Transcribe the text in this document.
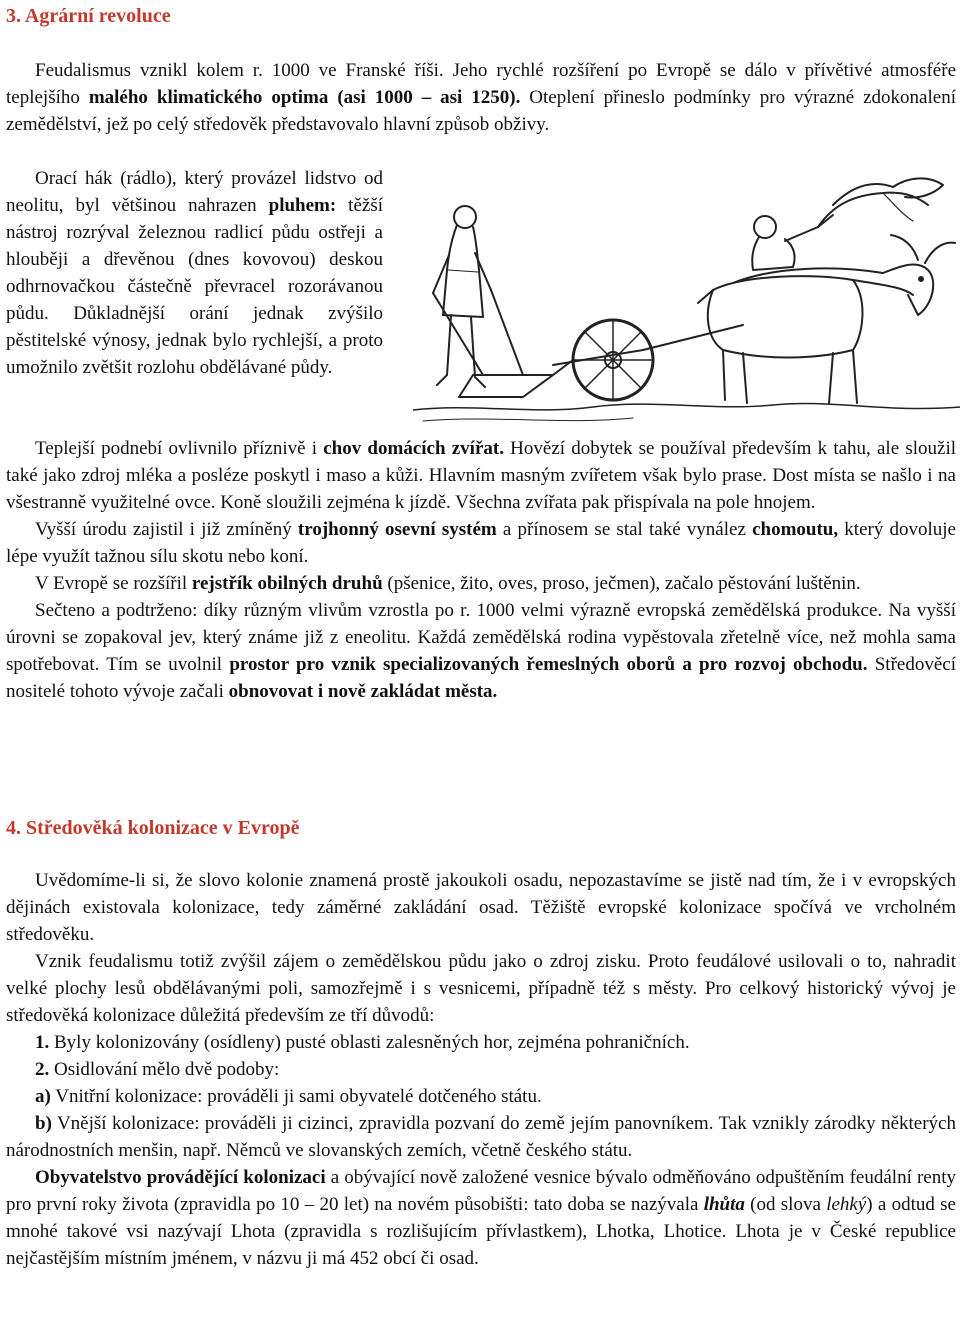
3. Agrární revoluce

Feudalismus vznikl kolem r. 1000 ve Franské říši. Jeho rychlé rozšíření po Evropě se dálo v přívětivé atmosféře teplejšího malého klimatického optima (asi 1000 – asi 1250). Oteplení přineslo podmínky pro výrazné zdokonalení zemědělství, jež po celý středověk představovalo hlavní způsob obživy.

Orací hák (rádlo), který provázel lidstvo od neolitu, byl většinou nahrazen pluhem: těžší nástroj rozrýval železnou radlicí půdu ostřeji a hlouběji a dřevěnou (dnes kovovou) deskou odhrnovačkou částečně převracel rozorávanou půdu. Důkladnější orání jednak zvýšilo pěstitelské výnosy, jednak bylo rychlejší, a proto umožnilo zvětšit rozlohu obdělávané půdy.

Teplejší podnebí ovlivnilo příznivě i chov domácích zvířat. Hovězí dobytek se používal především k tahu, ale sloužil také jako zdroj mléka a posléze poskytl i maso a kůži. Hlavním masným zvířetem však bylo prase. Dost místa se našlo i na všestranně využitelné ovce. Koně sloužili zejména k jízdě. Všechna zvířata pak přispívala na pole hnojem.

Vyšší úrodu zajistil i již zmíněný trojhonný osevní systém a přínosem se stal také vynález chomoutu, který dovoluje lépe využít tažnou sílu skotu nebo koní.

V Evropě se rozšířil rejstřík obilných druhů (pšenice, žito, oves, proso, ječmen), začalo pěstování luštěnin.

Sečteno a podtrženo: díky různým vlivům vzrostla po r. 1000 velmi výrazně evropská zemědělská produkce. Na vyšší úrovni se zopakoval jev, který známe již z eneolitu. Každá zemědělská rodina vypěstovala zřetelně více, než mohla sama spotřebovat. Tím se uvolnil prostor pro vznik specializovaných řemeslných oborů a pro rozvoj obchodu. Středověcí nositelé tohoto vývoje začali obnovovat i nově zakládat města.

4. Středověká kolonizace v Evropě

Uvědomíme-li si, že slovo kolonie znamená prostě jakoukoli osadu, nepozastavíme se jistě nad tím, že i v evropských dějinách existovala kolonizace, tedy záměrné zakládání osad. Těžiště evropské kolonizace spočívá ve vrcholném středověku.

Vznik feudalismu totiž zvýšil zájem o zemědělskou půdu jako o zdroj zisku. Proto feudálové usilovali o to, nahradit velké plochy lesů obdělávanými poli, samozřejmě i s vesnicemi, případně též s městy. Pro celkový historický vývoj je středověká kolonizace důležitá především ze tří důvodů:

1. Byly kolonizovány (osídleny) pusté oblasti zalesněných hor, zejména pohraničních.

2. Osidlování mělo dvě podoby:

a) Vnitřní kolonizace: prováděli ji sami obyvatelé dotčeného státu.

b) Vnější kolonizace: prováděli ji cizinci, zpravidla pozvaní do země jejím panovníkem. Tak vznikly zárodky některých národnostních menšin, např. Němců ve slovanských zemích, včetně českého státu.

Obyvatelstvo provádějící kolonizaci a obývající nově založené vesnice bývalo odměňováno odpuštěním feudální renty pro první roky života (zpravidla po 10 – 20 let) na novém působišti: tato doba se nazývala lhůta (od slova lehký) a odtud se mnohé takové vsi nazývají Lhota (zpravidla s rozlišujícím přívlastkem), Lhotka, Lhotice. Lhota je v České republice nejčastějším místním jménem, v názvu ji má 452 obcí či osad.
